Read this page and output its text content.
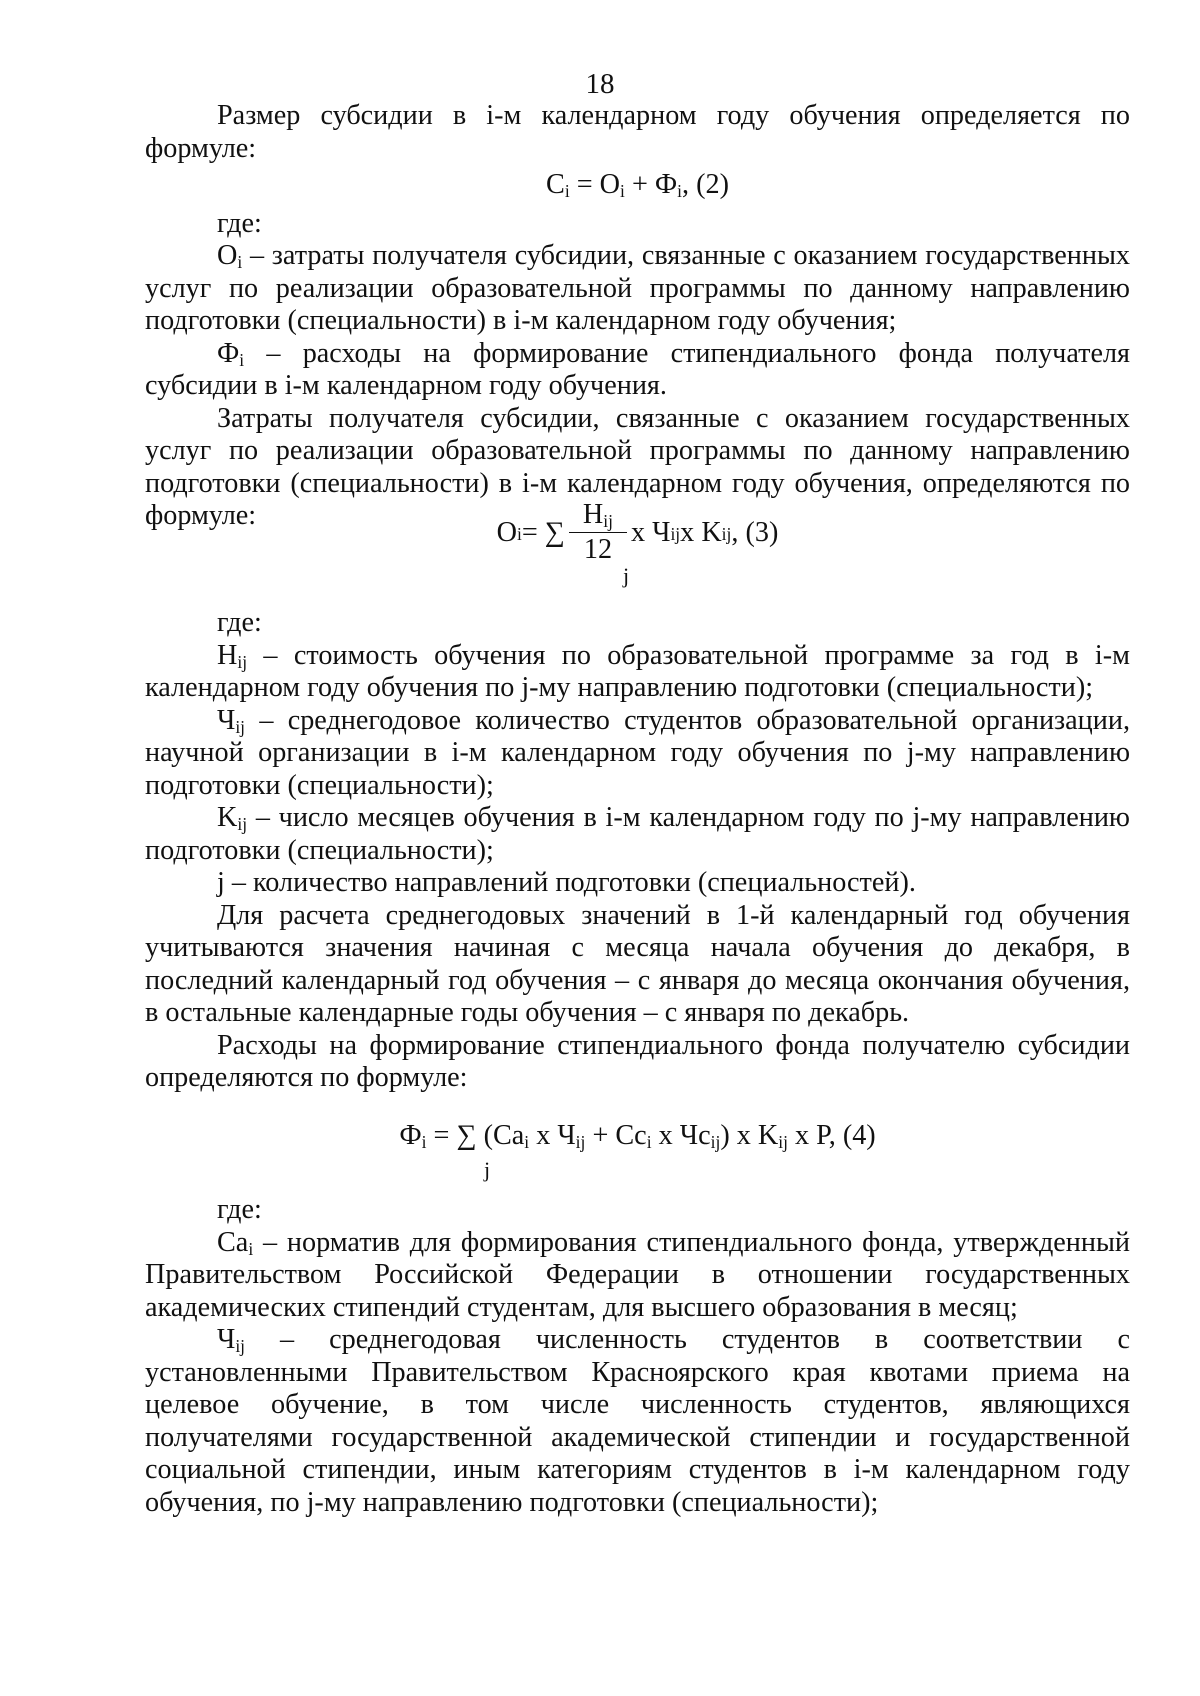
18

Размер субсидии в i-м календарном году обучения определяется по формуле:

$C_i = O_i + Ф_i$, (2)

где:

$O_i$ – затраты получателя субсидии, связанные с оказанием государственных услуг по реализации образовательной программы по данному направлению подготовки (специальности) в i-м календарном году обучения;

$Ф_i$ – расходы на формирование стипендиального фонда получателя субсидии в i-м календарном году обучения.

Затраты получателя субсидии, связанные с оказанием государственных услуг по реализации образовательной программы по данному направлению подготовки (специальности) в i-м календарном году обучения, определяются по формуле:

O i = ∑ $\frac{H_{ij}}{12}$ x Ч ij x K ij , (3)
j

где:

$H_{ij}$ – стоимость обучения по образовательной программе за год в i-м календарном году обучения по j-му направлению подготовки (специальности);

$Ч_{ij}$ – среднегодовое количество студентов образовательной организации, научной организации в i-м календарном году обучения по j-му направлению подготовки (специальности);

$K_{ij}$ – число месяцев обучения в i-м календарном году по j-му направлению подготовки (специальности);

j – количество направлений подготовки (специальностей).

Для расчета среднегодовых значений в 1-й календарный год обучения учитываются значения начиная с месяца начала обучения до декабря, в последний календарный год обучения – с января до месяца окончания обучения, в остальные календарные годы обучения – с января по декабрь.

Расходы на формирование стипендиального фонда получателю субсидии определяются по формуле:

$Ф_i$ = ∑ ($Ca_i$ x $Ч_{ij} + Cc_i$ x $Чс_{ij}$) x $K_{ij}$ x P, (4)
j

где:

$Ca_i$ – норматив для формирования стипендиального фонда, утвержденный Правительством Российской Федерации в отношении государственных академических стипендий студентам, для высшего образования в месяц;

$Ч_{ij}$ – среднегодовая численность студентов в соответствии с установленными Правительством Красноярского края квотами приема на целевое обучение, в том числе численность студентов, являющихся получателями государственной академической стипендии и государственной социальной стипендии, иным категориям студентов в i-м календарном году обучения, по j-му направлению подготовки (специальности);
